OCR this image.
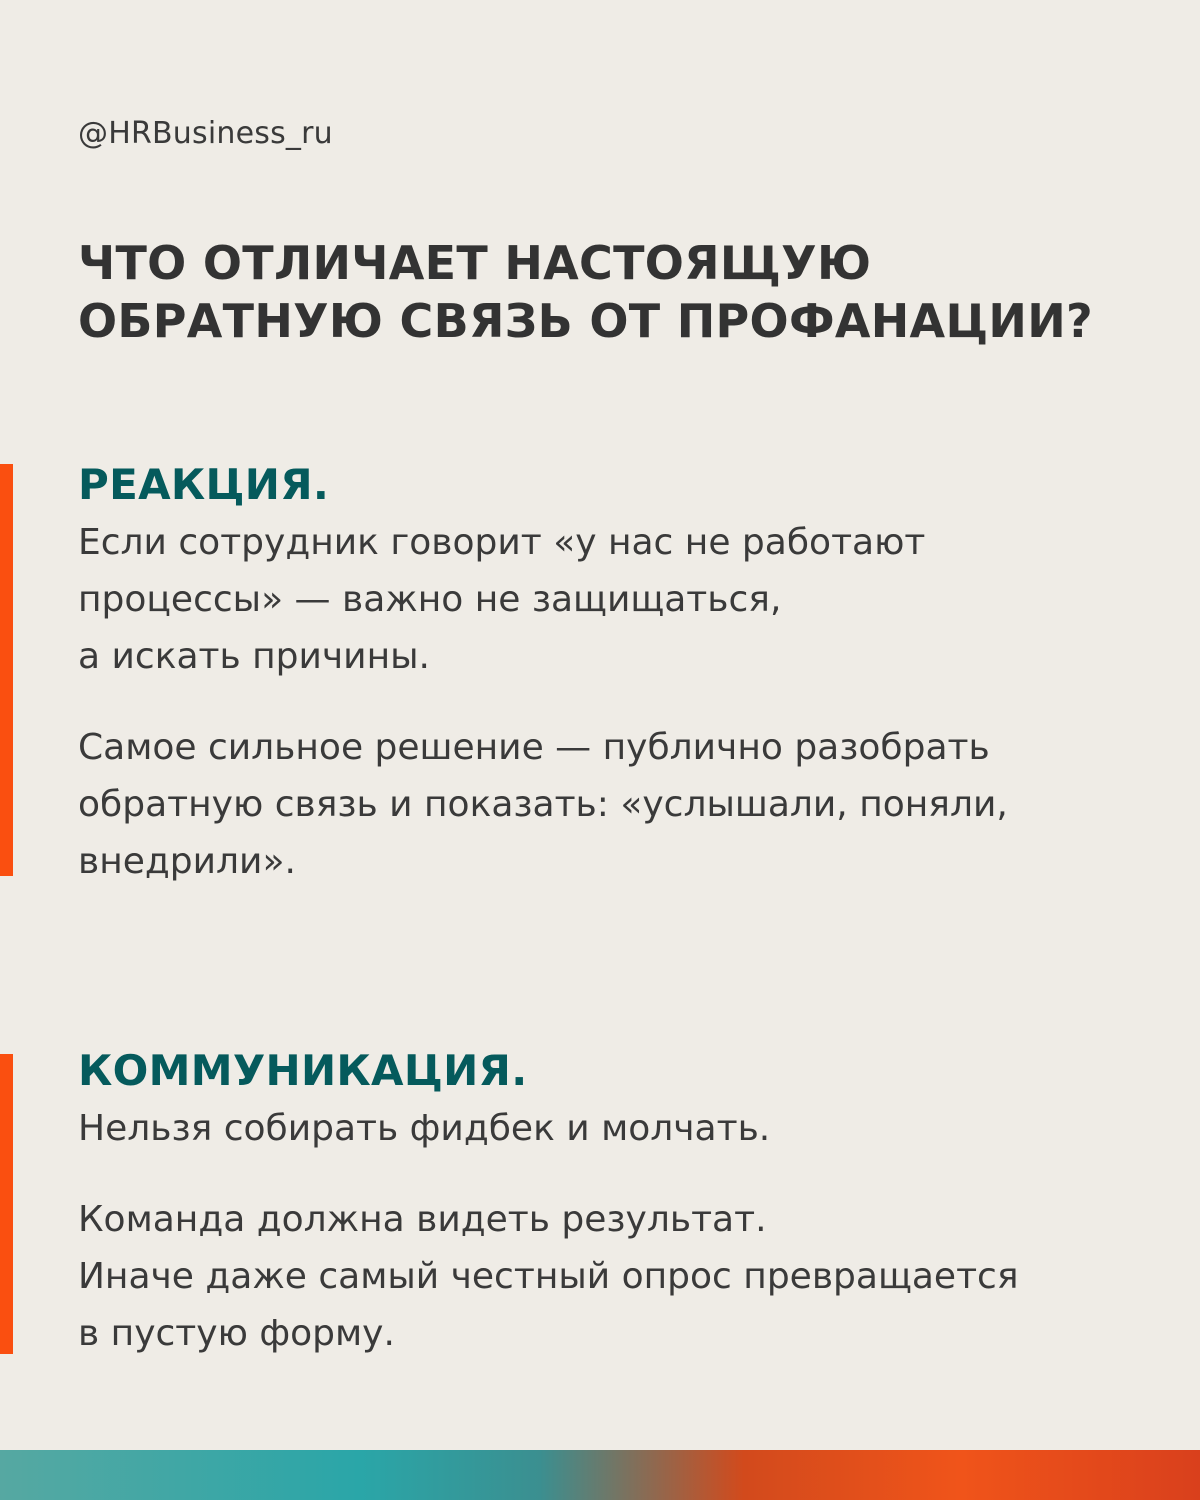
@HRBusiness_ru
ЧТО ОТЛИЧАЕТ НАСТОЯЩУЮ
ОБРАТНУЮ СВЯЗЬ ОТ ПРОФАНАЦИИ?
РЕАКЦИЯ.

Если сотрудник говорит «у нас не работают
процессы» — важно не защищаться,
а искать причины.

Самое сильное решение — публично разобрать
обратную связь и показать: «услышали, поняли,
внедрили».

КОММУНИКАЦИЯ.

Нельзя собирать фидбек и молчать.

Команда должна видеть результат.
Иначе даже самый честный опрос превращается
в пустую форму.
